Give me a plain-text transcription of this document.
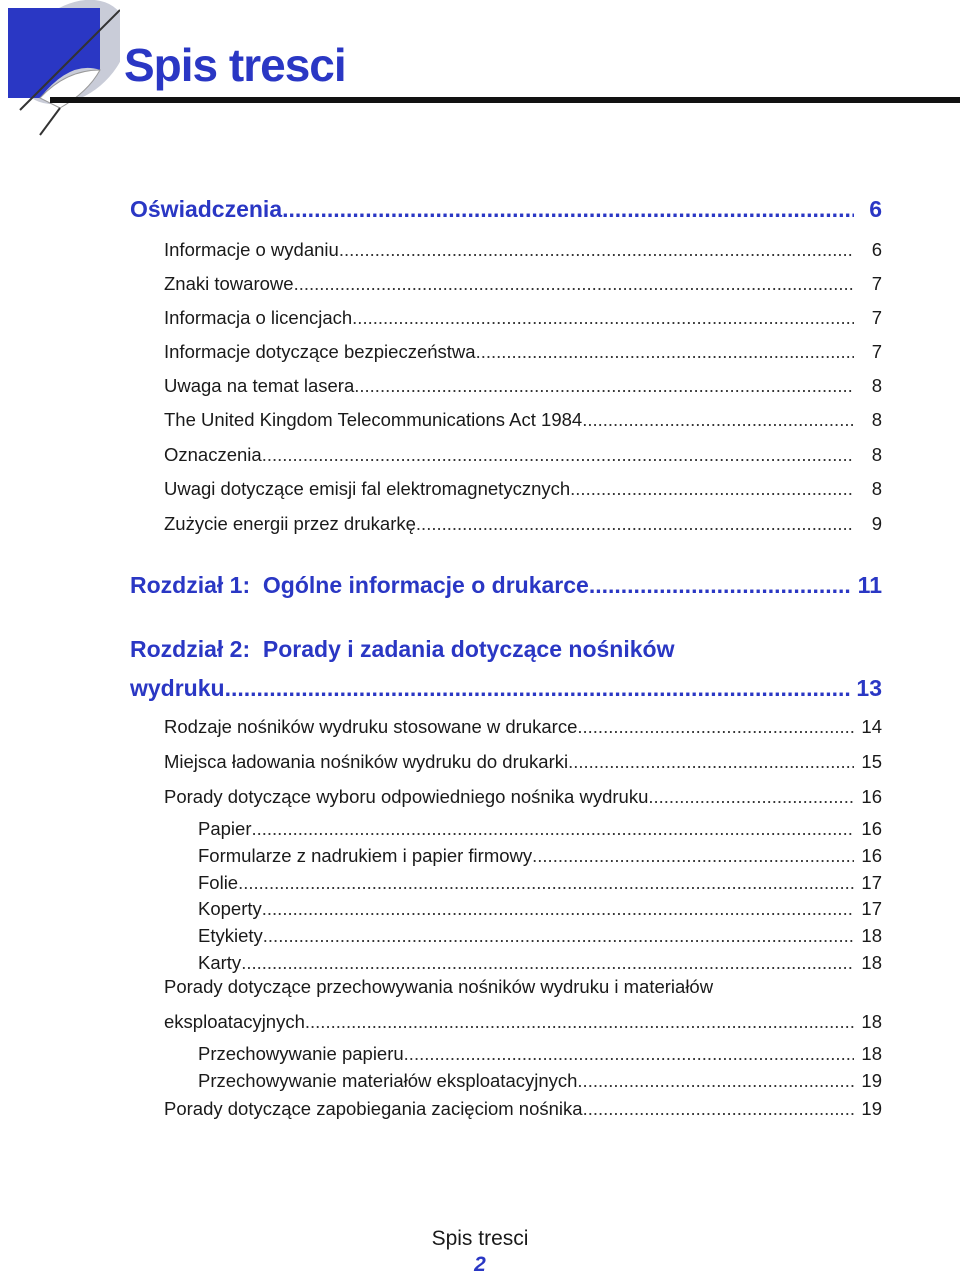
Spis tresci
Oświadczenia .....	6
Informacje o wydaniu .....	6
Znaki towarowe .....	7
Informacja o licencjach .....	7
Informacje dotyczące bezpieczeństwa .....	7
Uwaga na temat lasera .....	8
The United Kingdom Telecommunications Act 1984 .....	8
Oznaczenia .....	8
Uwagi dotyczące emisji fal elektromagnetycznych .....	8
Zużycie energii przez drukarkę .....	9
Rozdział 1:  Ogólne informacje o drukarce .....	11
Rozdział 2:  Porady i zadania dotyczące nośników
wydruku .....	13
Rodzaje nośników wydruku stosowane w drukarce .....	14
Miejsca ładowania nośników wydruku do drukarki .....	15
Porady dotyczące wyboru odpowiedniego nośnika wydruku .....	16
Papier .....	16
Formularze z nadrukiem i papier firmowy .....	16
Folie .....	17
Koperty .....	17
Etykiety .....	18
Karty .....	18
Porady dotyczące przechowywania nośników wydruku i materiałów
eksploatacyjnych .....	18
Przechowywanie papieru .....	18
Przechowywanie materiałów eksploatacyjnych .....	19
Porady dotyczące zapobiegania zacięciom nośnika .....	19
Spis tresci
2
